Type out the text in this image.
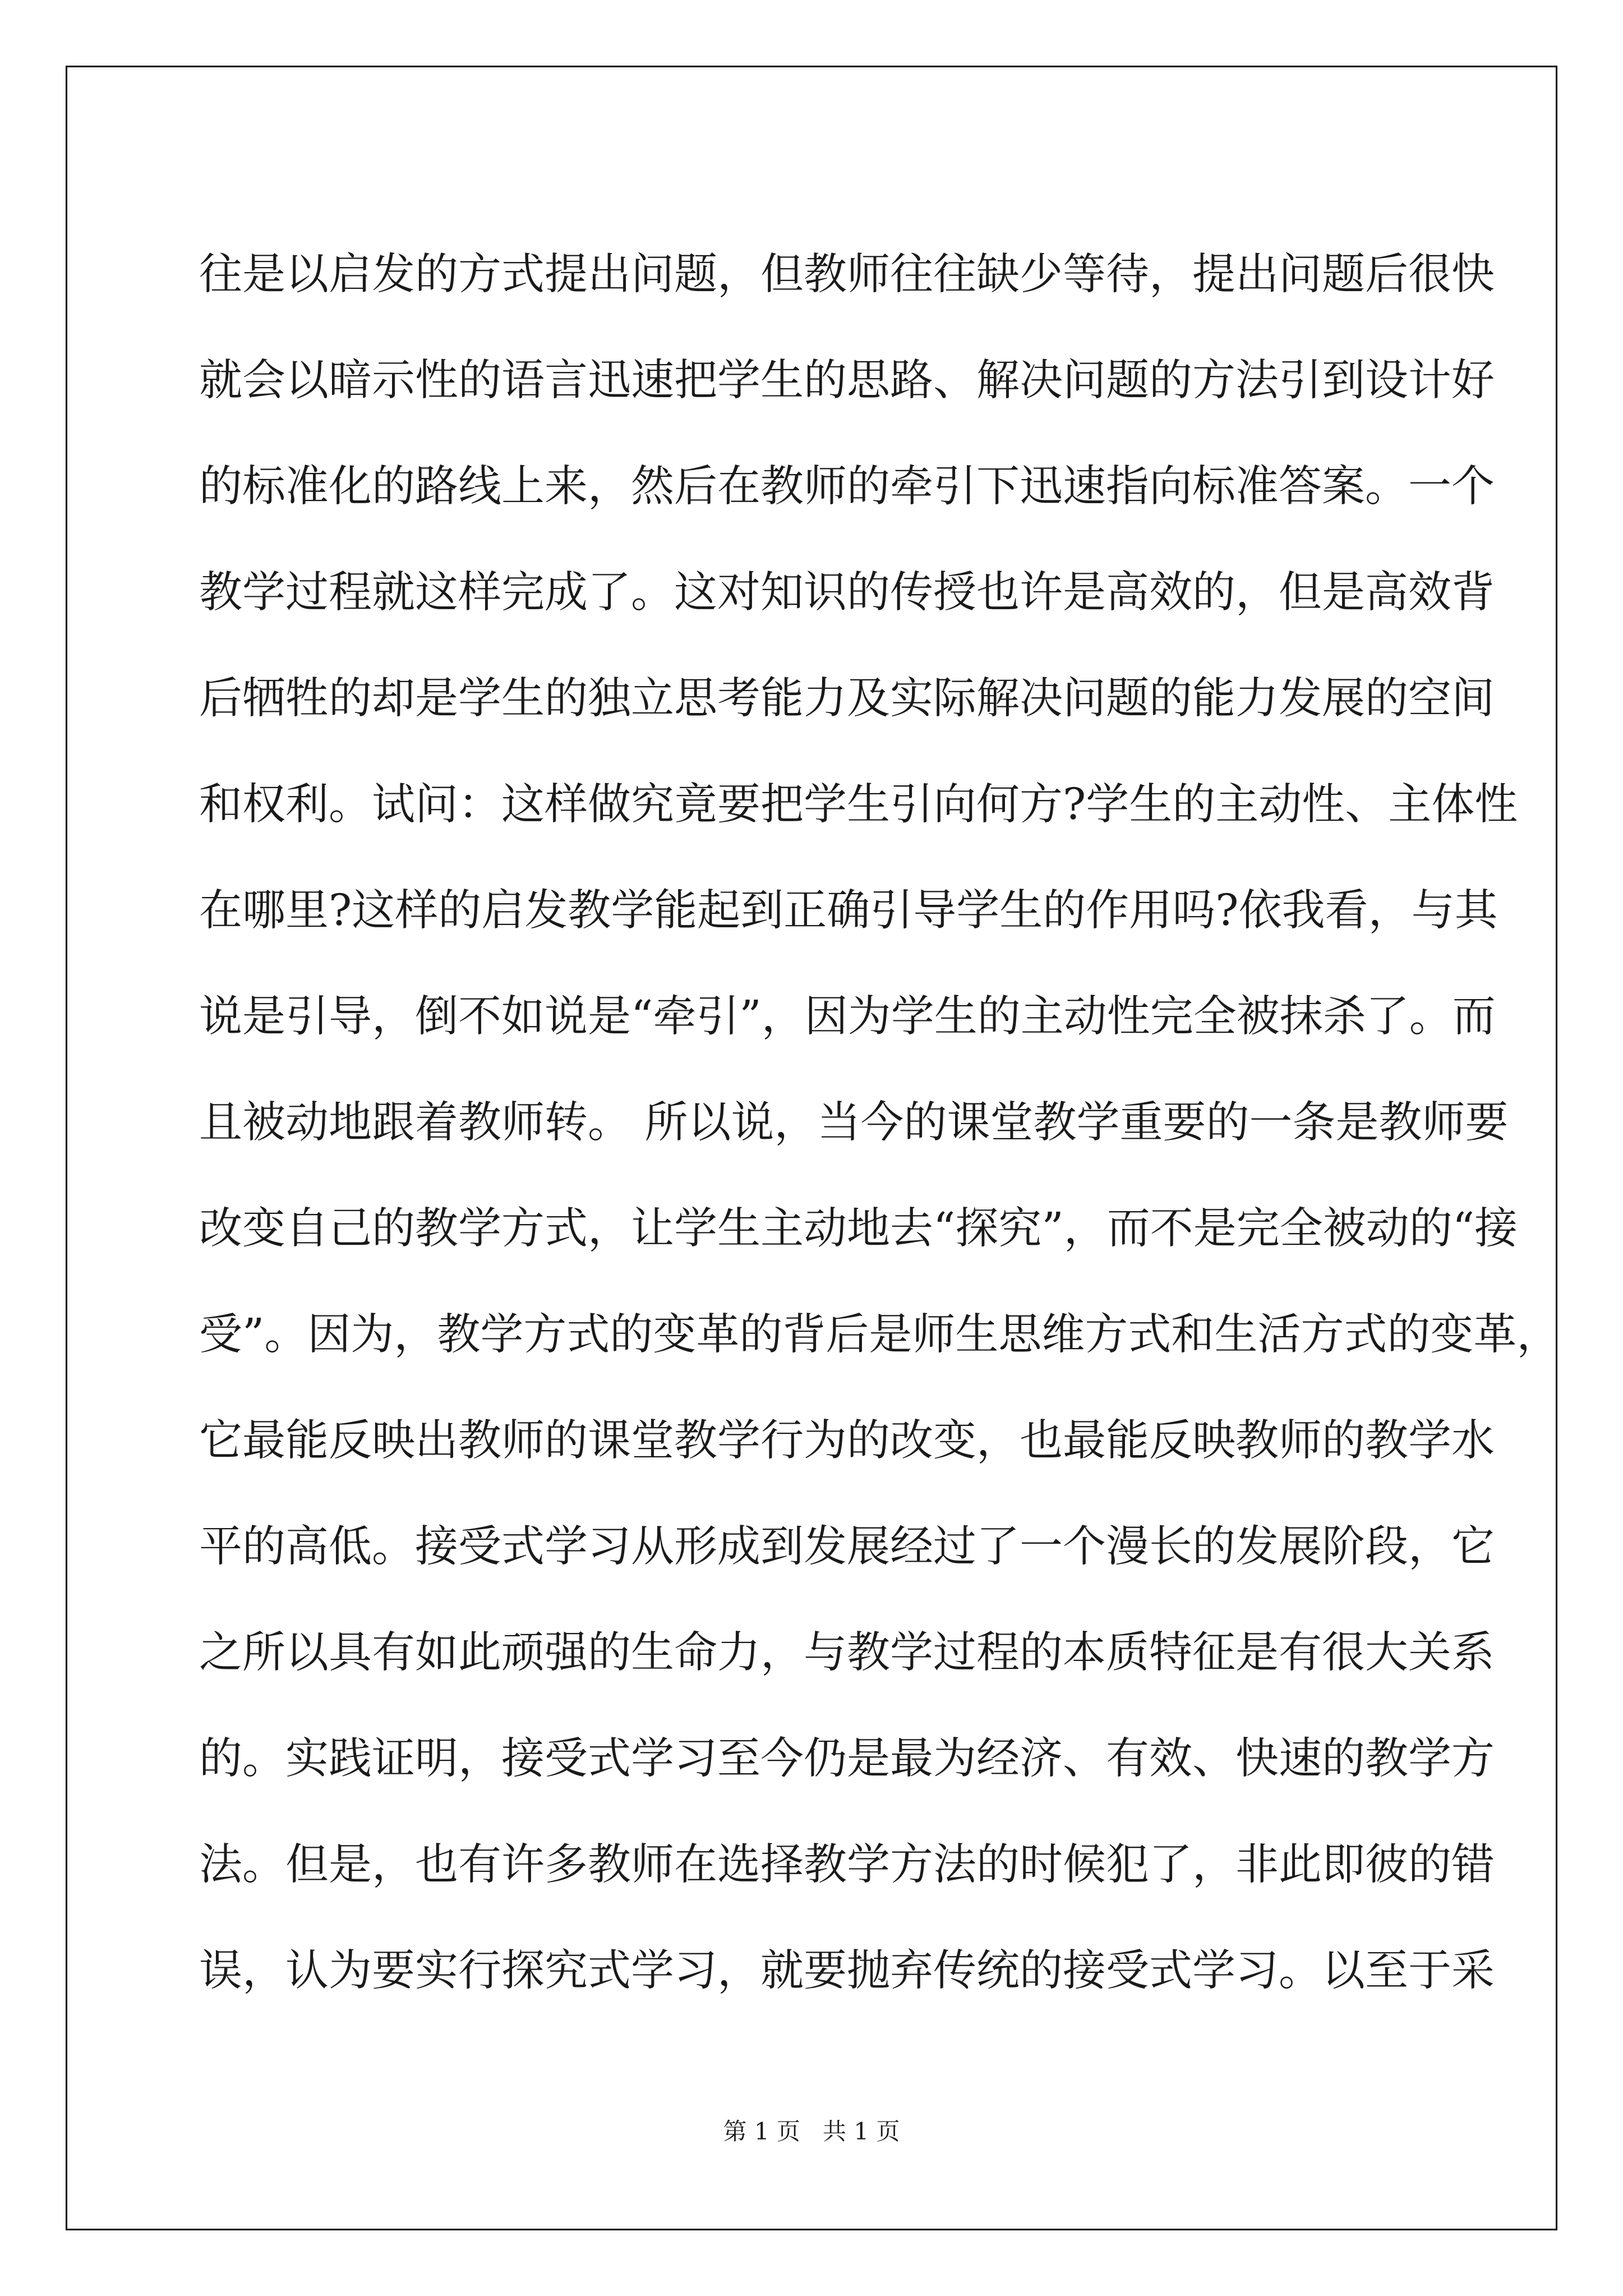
往 是 以 启 发 的 方 式 提 出 问 题 ， 但 教 师 往 往 缺 少 等 待 ， 提 出 问 题 后 很 快
就 会 以 暗 示 性 的 语 言 迅 速 把 学 生 的 思 路 、 解 决 问 题 的 方 法 引 到 设 计 好
的 标 准 化 的 路 线 上 来 ， 然 后 在 教 师 的 牵 引 下 迅 速 指 向 标 准 答 案 。 一 个
教 学 过 程 就 这 样 完 成 了 。 这 对 知 识 的 传 授 也 许 是 高 效 的 ， 但 是 高 效 背
后 牺 牲 的 却 是 学 生 的 独 立 思 考 能 力 及 实 际 解 决 问 题 的 能 力 发 展 的 空 间
和 权 利 。 试 问 ： 这 样 做 究 竟 要 把 学 生 引 向 何 方 ? 学 生 的 主 动 性 、 主 体 性
在 哪 里 ? 这 样 的 启 发 教 学 能 起 到 正 确 引 导 学 生 的 作 用 吗 ? 依 我 看 ， 与 其
说 是 引 导 ， 倒 不 如 说 是 “ 牵 引 ” ， 因 为 学 生 的 主 动 性 完 全 被 抹 杀 了 。 而
且 被 动 地 跟 着 教 师 转 。
所 以 说 ， 当 今 的 课 堂 教 学 重 要 的 一 条 是 教 师 要
改 变 自 己 的 教 学 方 式 ， 让 学 生 主 动 地 去 “ 探 究 ” ， 而 不 是 完 全 被 动 的 “ 接
受 ” 。 因 为 ， 教 学 方 式 的 变 革 的 背 后 是 师 生 思 维 方 式 和 生 活 方 式 的 变 革 ，
它 最 能 反 映 出 教 师 的 课 堂 教 学 行 为 的 改 变 ， 也 最 能 反 映 教 师 的 教 学 水
平 的 高 低 。 接 受 式 学 习 从 形 成 到 发 展 经 过 了 一 个 漫 长 的 发 展 阶 段 ， 它
之 所 以 具 有 如 此 顽 强 的 生 命 力 ， 与 教 学 过 程 的 本 质 特 征 是 有 很 大 关 系
的 。 实 践 证 明 ， 接 受 式 学 习 至 今 仍 是 最 为 经 济 、 有 效 、 快 速 的 教 学 方
法 。 但 是 ， 也 有 许 多 教 师 在 选 择 教 学 方 法 的 时 候 犯 了 ， 非 此 即 彼 的 错
误 ， 认 为 要 实 行 探 究 式 学 习 ， 就 要 抛 弃 传 统 的 接 受 式 学 习 。 以 至 于 采
第 1 页   共 1 页
